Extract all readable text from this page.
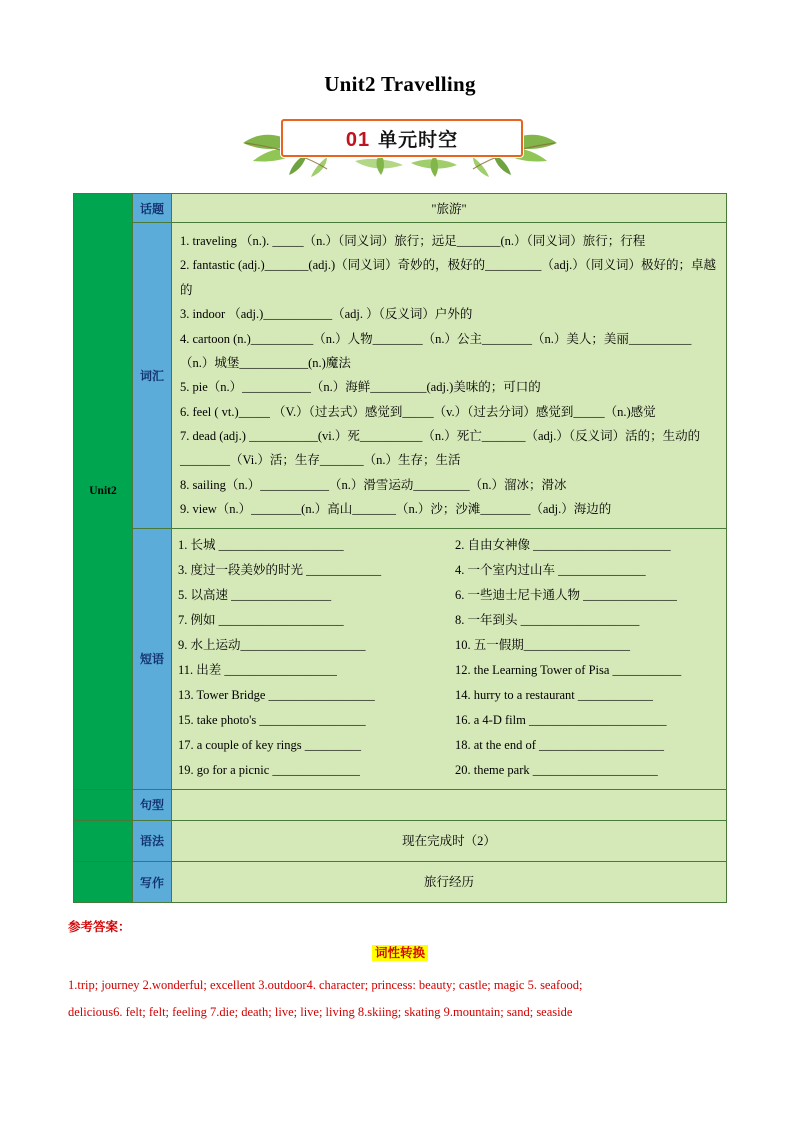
Unit2 Travelling
01 单元时空
Unit2	话题	"旅游"
词汇	
1. traveling （n.). _____（n.）（同义词）旅行；远足_______(n.）（同义词）旅行；行程
2. fantastic (adj.)_______(adj.)（同义词）奇妙的，极好的_________（adj.）（同义词）极好的；卓越的
3. indoor （adj.)___________（adj. ）（反义词）户外的
4. cartoon (n.)__________（n.）人物________（n.）公主________（n.）美人；美丽__________（n.）城堡___________(n.)魔法
5. pie（n.）___________（n.）海鲜_________(adj.)美味的；可口的
6. feel ( vt.)_____ （V.）（过去式）感觉到_____（v.）（过去分词）感觉到_____（n.)感觉
7. dead (adj.) ___________(vi.）死__________（n.）死亡_______（adj.）（反义词）活的；生动的________（Vi.）活；生存_______（n.）生存；生活
8. sailing（n.）___________（n.）滑雪运动_________（n.）溜冰；滑冰
9. view（n.）________(n.）高山_______（n.）沙；沙滩________（adj.）海边的

短语	
1. 长城 ____________________	2. 自由女神像 ______________________
3. 度过一段美妙的时光 ____________	4. 一个室内过山车 ______________
5. 以高速 ________________	6. 一些迪士尼卡通人物 _______________
7. 例如 ____________________	8. 一年到头 ___________________
9. 水上运动____________________	10. 五一假期_________________
11. 出差 __________________	12. the Learning Tower of Pisa ___________
13. Tower Bridge _________________	14. hurry to a restaurant ____________
15. take photo's _________________	16. a 4-D film ______________________
17. a couple of key rings _________	18. at the end of ____________________
19. go for a picnic ______________	20. theme park ____________________

	句型	
	语法	现在完成时（2）
	写作	旅行经历
参考答案：
词性转换
1.trip; journey 2.wonderful; excellent 3.outdoor4. character; princess: beauty; castle; magic 5. seafood;
delicious6. felt; felt; feeling 7.die; death; live; live; living 8.skiing; skating 9.mountain; sand; seaside
